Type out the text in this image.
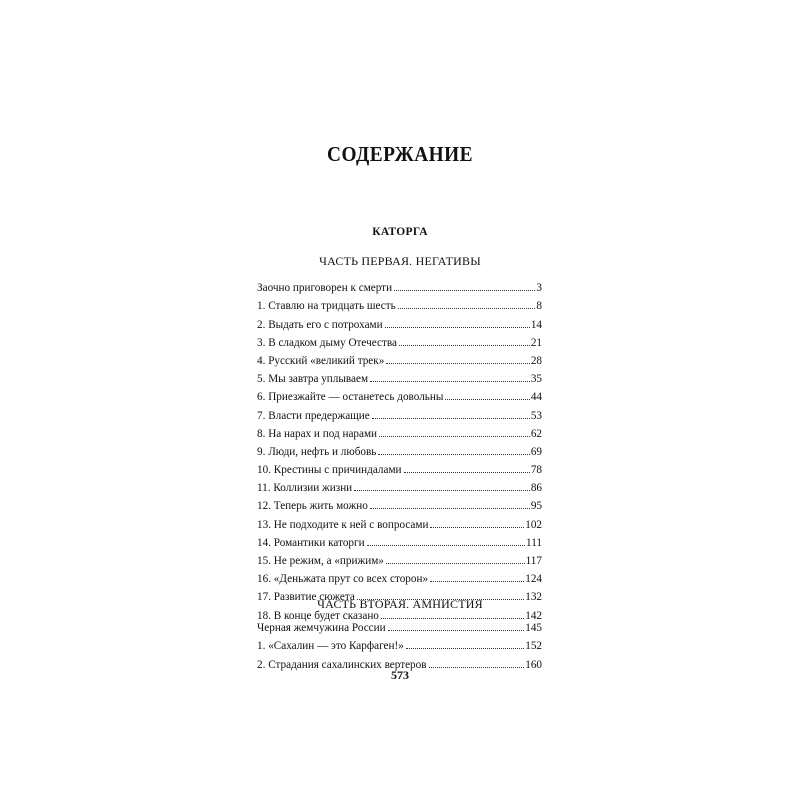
СОДЕРЖАНИЕ
КАТОРГА
ЧАСТЬ ПЕРВАЯ. НЕГАТИВЫ
Заочно приговорен к смерти	3
1. Ставлю на тридцать шесть	8
2. Выдать его с потрохами	14
3. В сладком дыму Отечества	21
4. Русский «великий трек»	28
5. Мы завтра уплываем	35
6. Приезжайте — останетесь довольны	44
7. Власти предержащие	53
8. На нарах и под нарами	62
9. Люди, нефть и любовь	69
10. Крестины с причиндалами	78
11. Коллизии жизни	86
12. Теперь жить можно	95
13. Не подходите к ней с вопросами	102
14. Романтики каторги	111
15. Не режим, а «прижим»	117
16. «Деньжата прут со всех сторон»	124
17. Развитие сюжета	132
18. В конце будет сказано	142
ЧАСТЬ ВТОРАЯ. АМНИСТИЯ
Черная жемчужина России	145
1. «Сахалин — это Карфаген!»	152
2. Страдания сахалинских вертеров	160
573
